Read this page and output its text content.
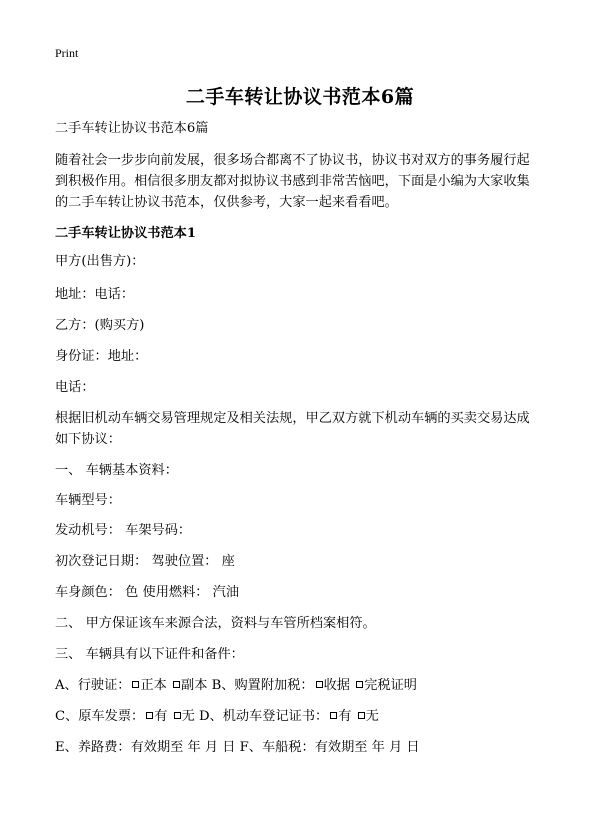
Print
二手车转让协议书范本6篇
二手车转让协议书范本6篇
随着社会一步步向前发展，很多场合都离不了协议书，协议书对双方的事务履行起
到积极作用。相信很多朋友都对拟协议书感到非常苦恼吧，下面是小编为大家收集
的二手车转让协议书范本，仅供参考，大家一起来看看吧。
二手车转让协议书范本1
甲方(出售方)：
地址：电话：
乙方：(购买方)
身份证：地址：
电话：
根据旧机动车辆交易管理规定及相关法规，甲乙双方就下机动车辆的买卖交易达成
如下协议：
一、 车辆基本资料：
车辆型号：
发动机号： 车架号码：
初次登记日期： 驾驶位置： 座
车身颜色： 色 使用燃料： 汽油
二、 甲方保证该车来源合法，资料与车管所档案相符。
三、 车辆具有以下证件和备件：
A、行驶证： 正本 副本 B、购置附加税： 收据 完税证明
C、原车发票： 有 无 D、机动车登记证书： 有 无
E、养路费：有效期至 年 月 日 F、车船税：有效期至 年 月 日
